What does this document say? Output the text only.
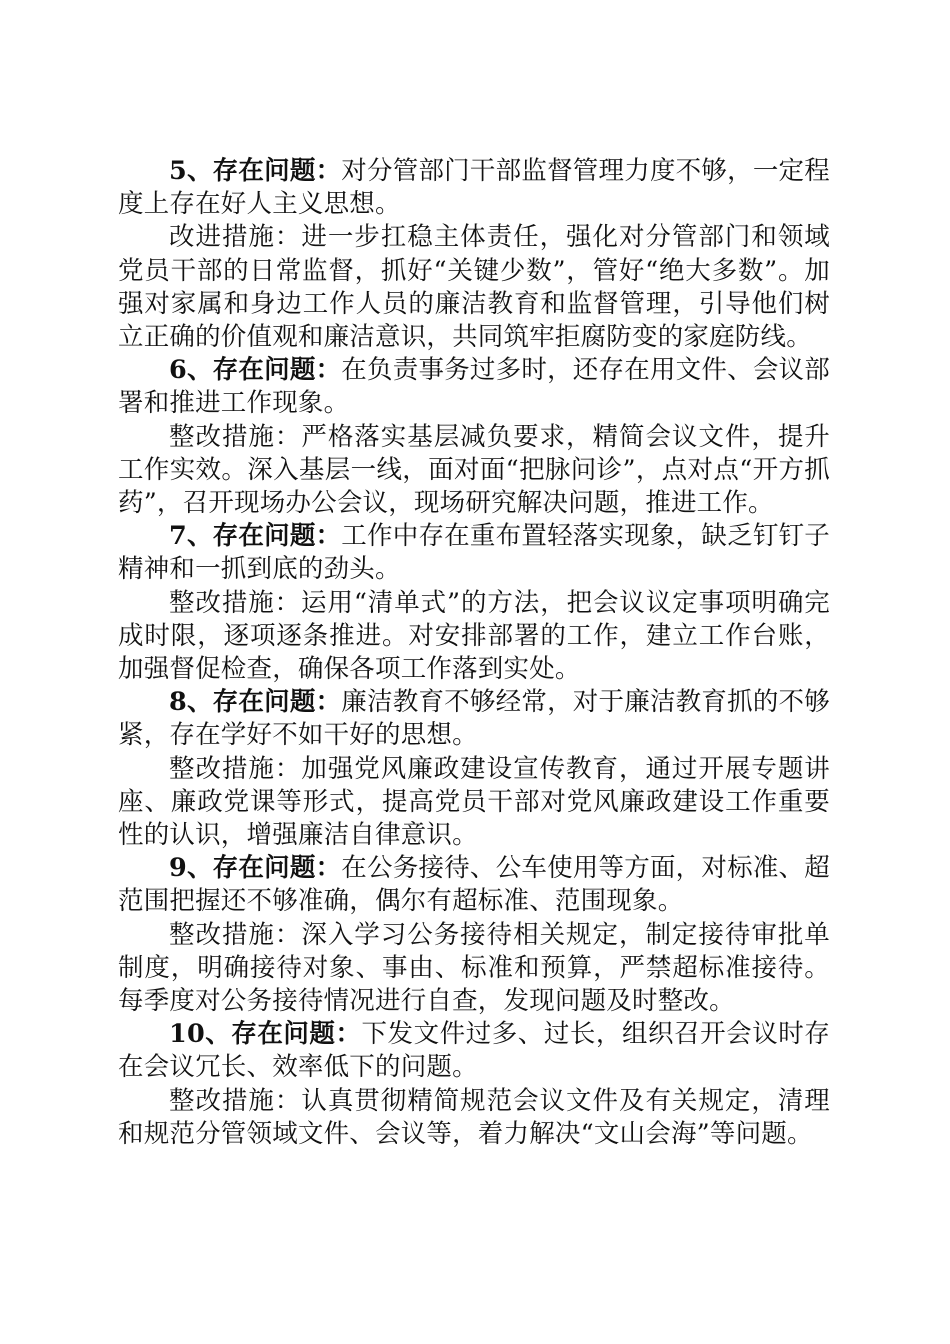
5、存在问题：对分管部门干部监督管理力度不够，一定程度上存在好人主义思想。

改进措施：进一步扛稳主体责任，强化对分管部门和领域党员干部的日常监督，抓好“关键少数”，管好“绝大多数”。加强对家属和身边工作人员的廉洁教育和监督管理，引导他们树立正确的价值观和廉洁意识，共同筑牢拒腐防变的家庭防线。

6、存在问题：在负责事务过多时，还存在用文件、会议部署和推进工作现象。

整改措施：严格落实基层减负要求，精简会议文件，提升工作实效。深入基层一线，面对面“把脉问诊”，点对点“开方抓药”，召开现场办公会议，现场研究解决问题，推进工作。

7、存在问题：工作中存在重布置轻落实现象，缺乏钉钉子精神和一抓到底的劲头。

整改措施：运用“清单式”的方法，把会议议定事项明确完成时限，逐项逐条推进。对安排部署的工作，建立工作台账，加强督促检查，确保各项工作落到实处。

8、存在问题：廉洁教育不够经常，对于廉洁教育抓的不够紧，存在学好不如干好的思想。

整改措施：加强党风廉政建设宣传教育，通过开展专题讲座、廉政党课等形式，提高党员干部对党风廉政建设工作重要性的认识，增强廉洁自律意识。

9、存在问题：在公务接待、公车使用等方面，对标准、超范围把握还不够准确，偶尔有超标准、范围现象。

整改措施：深入学习公务接待相关规定，制定接待审批单制度，明确接待对象、事由、标准和预算，严禁超标准接待。每季度对公务接待情况进行自查，发现问题及时整改。

10、存在问题：下发文件过多、过长，组织召开会议时存在会议冗长、效率低下的问题。

整改措施：认真贯彻精简规范会议文件及有关规定，清理和规范分管领域文件、会议等，着力解决“文山会海”等问题。
